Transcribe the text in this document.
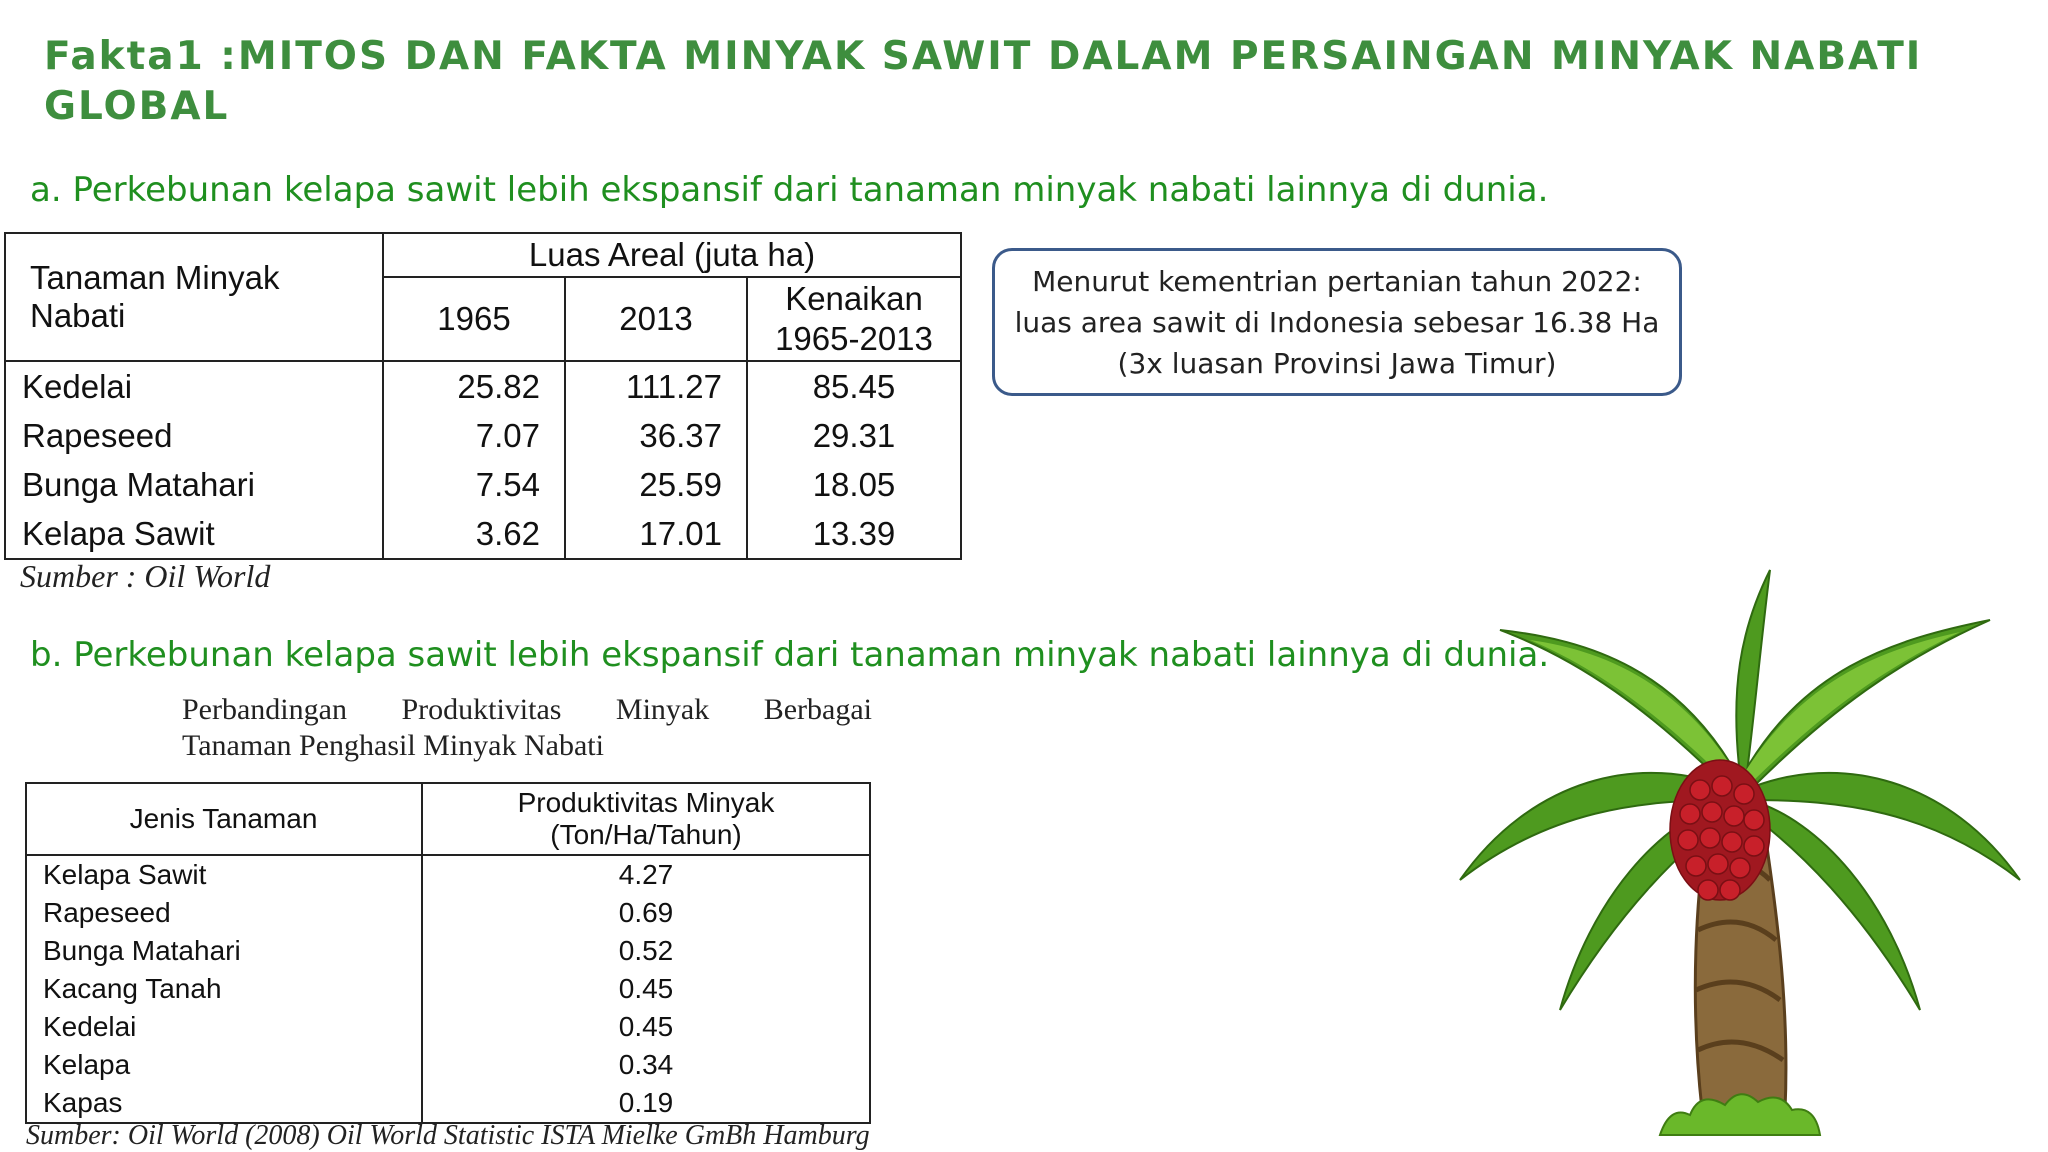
Fakta1 :MITOS DAN FAKTA MINYAK SAWIT DALAM PERSAINGAN MINYAK NABATI GLOBAL

a. Perkebunan kelapa sawit lebih ekspansif dari tanaman minyak nabati lainnya di dunia.

Tanaman Minyak Nabati	Luas Areal (juta ha)		
	1965	2013	Kenaikan
1965-2013
Kedelai	25.82	111.27	85.45
Rapeseed	7.07	36.37	29.31
Bunga Matahari	7.54	25.59	18.05
Kelapa Sawit	3.62	17.01	13.39

Sumber : Oil World

Menurut kementrian pertanian tahun 2022:
luas area sawit di Indonesia sebesar 16.38 Ha
(3x luasan Provinsi Jawa Timur)

b. Perkebunan kelapa sawit lebih ekspansif dari tanaman minyak nabati lainnya di dunia.

Perbandingan Produktivitas Minyak Berbagai
Tanaman Penghasil Minyak Nabati
Jenis Tanaman	Produktivitas Minyak (Ton/Ha/Tahun)
Kelapa Sawit	4.27
Rapeseed	0.69
Bunga Matahari	0.52
Kacang Tanah	0.45
Kedelai	0.45
Kelapa	0.34
Kapas	0.19

Sumber: Oil World (2008) Oil World Statistic ISTA Mielke GmBh Hamburg
